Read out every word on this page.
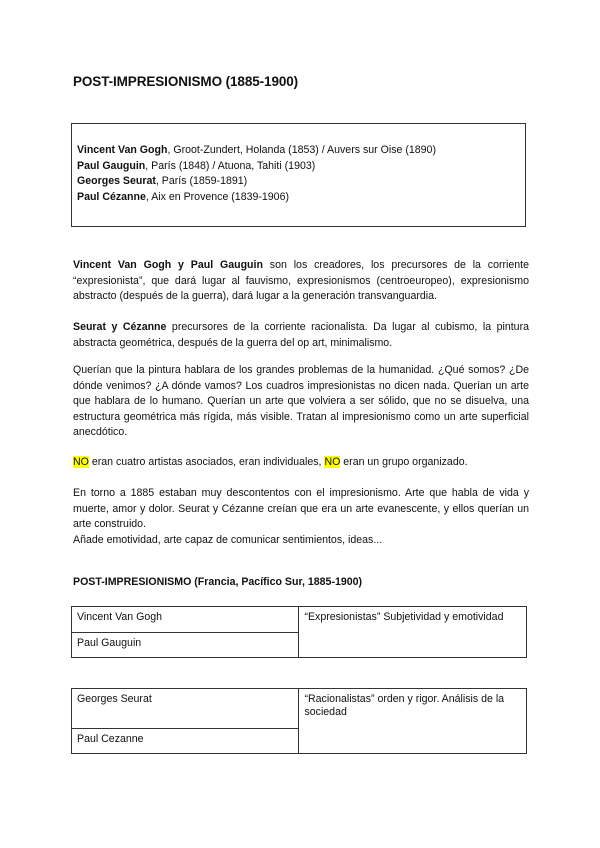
POST-IMPRESIONISMO (1885-1900)
Vincent Van Gogh, Groot-Zundert, Holanda (1853) / Auvers sur Oise (1890)
Paul Gauguin, París (1848) / Atuona, Tahiti (1903)
Georges Seurat, París (1859-1891)
Paul Cézanne, Aix en Provence (1839-1906)

Vincent Van Gogh y Paul Gauguin son los creadores, los precursores de la corriente “expresionista”, que dará lugar al fauvismo, expresionismos (centroeuropeo), expresionismo abstracto (después de la guerra), dará lugar a la generación transvanguardia.

Seurat y Cézanne precursores de la corriente racionalista. Da lugar al cubismo, la pintura abstracta geométrica, después de la guerra del op art, minimalismo.

Querían que la pintura hablara de los grandes problemas de la humanidad. ¿Qué somos? ¿De dónde venimos? ¿A dónde vamos? Los cuadros impresionistas no dicen nada. Querían un arte que hablara de lo humano. Querían un arte que volviera a ser sólido, que no se disuelva, una estructura geométrica más rígida, más visible. Tratan al impresionismo como un arte superficial anecdótico.

NO eran cuatro artistas asociados, eran individuales, NO eran un grupo organizado.

En torno a 1885 estaban muy descontentos con el impresionismo. Arte que habla de vida y muerte, amor y dolor. Seurat y Cézanne creían que era un arte evanescente, y ellos querían un arte construido.
Añade emotividad, arte capaz de comunicar sentimientos, ideas...

POST-IMPRESIONISMO (Francia, Pacífico Sur, 1885-1900)
Vincent Van Gogh	“Expresionistas” Subjetividad y emotividad
Paul Gauguin
Georges Seurat	“Racionalistas” orden y rigor. Análisis de la sociedad
Paul Cezanne
